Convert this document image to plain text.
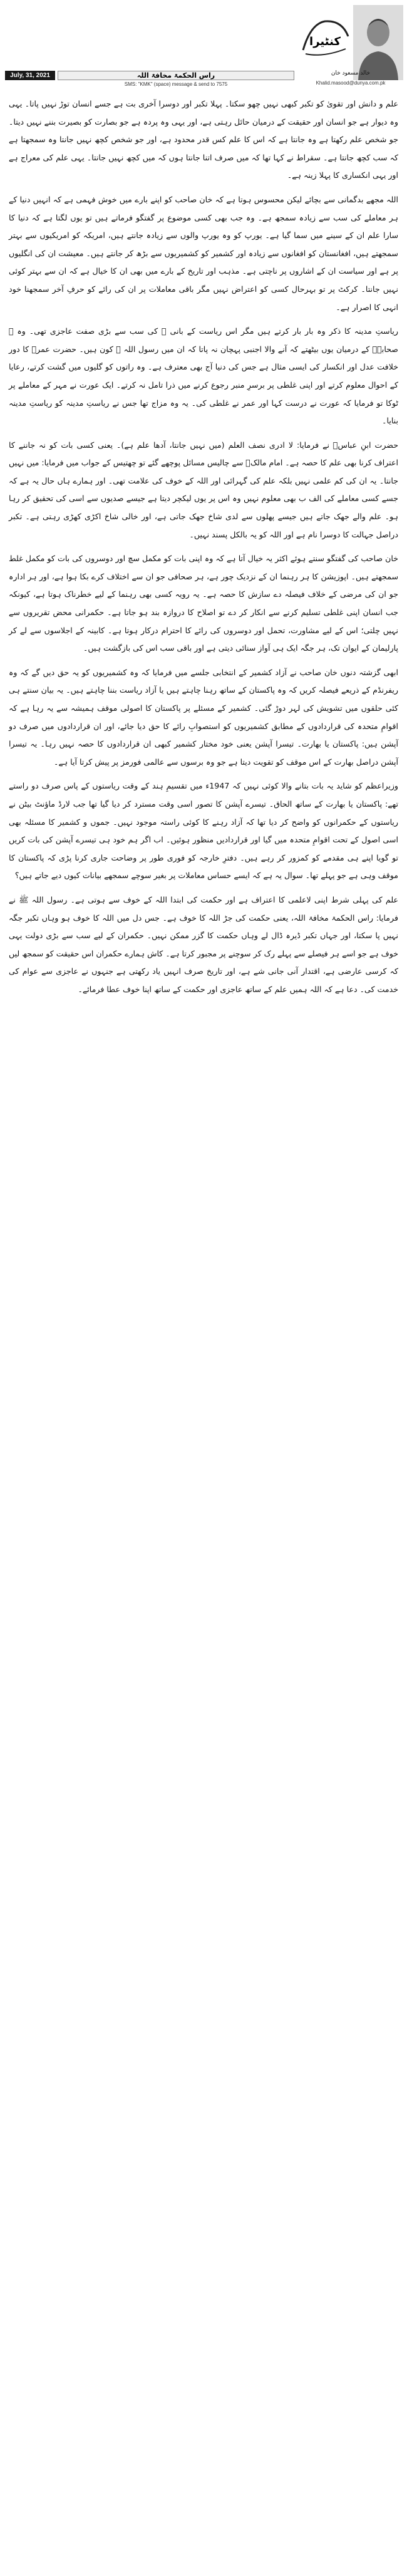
July, 31, 2021	راس الحکمۃ مخافۃ اللہ
کنٹیرا
خالد مسعود خان
Khalid.masood@dunya.com.pk
SMS: "KMK" (space) message & send to 7575

علم و دانش اور تقویٰ کو تکبر کبھی نہیں چھو سکتا۔ پہلا تکبر اور دوسرا آخری بت ہے جسے انسان توڑ نہیں پاتا۔ یہی وہ دیوار ہے جو انسان اور حقیقت کے درمیان حائل رہتی ہے، اور یہی وہ پردہ ہے جو بصارت کو بصیرت بننے نہیں دیتا۔ جو شخص علم رکھتا ہے وہ جانتا ہے کہ اس کا علم کس قدر محدود ہے، اور جو شخص کچھ نہیں جانتا وہ سمجھتا ہے کہ سب کچھ جانتا ہے۔ سقراط نے کہا تھا کہ میں صرف اتنا جانتا ہوں کہ میں کچھ نہیں جانتا۔ یہی علم کی معراج ہے اور یہی انکساری کا پہلا زینہ ہے۔

اللہ مجھے بدگمانی سے بچائے لیکن محسوس ہوتا ہے کہ خان صاحب کو اپنے بارے میں خوش فہمی ہے کہ انہیں دنیا کے ہر معاملے کی سب سے زیادہ سمجھ ہے۔ وہ جب بھی کسی موضوع پر گفتگو فرماتے ہیں تو یوں لگتا ہے کہ دنیا کا سارا علم ان کے سینے میں سما گیا ہے۔ یورپ کو وہ یورپ والوں سے زیادہ جانتے ہیں، امریکہ کو امریکیوں سے بہتر سمجھتے ہیں، افغانستان کو افغانوں سے زیادہ اور کشمیر کو کشمیریوں سے بڑھ کر جانتے ہیں۔ معیشت ان کی انگلیوں پر ہے اور سیاست ان کے اشاروں پر ناچتی ہے۔ مذہب اور تاریخ کے بارے میں بھی ان کا خیال ہے کہ ان سے بہتر کوئی نہیں جانتا۔ کرکٹ پر تو بہرحال کسی کو اعتراض نہیں مگر باقی معاملات پر ان کی رائے کو حرفِ آخر سمجھنا خود انہی کا اصرار ہے۔

ریاستِ مدینہ کا ذکر وہ بار بار کرتے ہیں مگر اس ریاست کے بانی ﷺ کی سب سے بڑی صفت عاجزی تھی۔ وہ ﷺ صحابہؓ کے درمیان یوں بیٹھتے کہ آنے والا اجنبی پہچان نہ پاتا کہ ان میں رسول اللہ ﷺ کون ہیں۔ حضرت عمرؓ کا دور خلافت عدل اور انکسار کی ایسی مثال ہے جس کی دنیا آج بھی معترف ہے۔ وہ راتوں کو گلیوں میں گشت کرتے، رعایا کے احوال معلوم کرتے اور اپنی غلطی پر برسرِ منبر رجوع کرنے میں ذرا تامل نہ کرتے۔ ایک عورت نے مہر کے معاملے پر ٹوکا تو فرمایا کہ عورت نے درست کہا اور عمر نے غلطی کی۔ یہ وہ مزاج تھا جس نے ریاستِ مدینہ کو ریاستِ مدینہ بنایا۔

حضرت ابنِ عباسؓ نے فرمایا: لا ادری نصف العلم (میں نہیں جانتا، آدھا علم ہے)۔ یعنی کسی بات کو نہ جاننے کا اعتراف کرنا بھی علم کا حصہ ہے۔ امام مالکؒ سے چالیس مسائل پوچھے گئے تو چھتیس کے جواب میں فرمایا: میں نہیں جانتا۔ یہ ان کی کم علمی نہیں بلکہ علم کی گہرائی اور اللہ کے خوف کی علامت تھی۔ اور ہمارے ہاں حال یہ ہے کہ جسے کسی معاملے کی الف ب بھی معلوم نہیں وہ اس پر یوں لیکچر دیتا ہے جیسے صدیوں سے اسی کی تحقیق کر رہا ہو۔ علم والے جھک جاتے ہیں جیسے پھلوں سے لدی شاخ جھک جاتی ہے، اور خالی شاخ اکڑی کھڑی رہتی ہے۔ تکبر دراصل جہالت کا دوسرا نام ہے اور اللہ کو یہ بالکل پسند نہیں۔

خان صاحب کی گفتگو سنتے ہوئے اکثر یہ خیال آتا ہے کہ وہ اپنی بات کو مکمل سچ اور دوسروں کی بات کو مکمل غلط سمجھتے ہیں۔ اپوزیشن کا ہر رہنما ان کے نزدیک چور ہے، ہر صحافی جو ان سے اختلاف کرے بکا ہوا ہے، اور ہر ادارہ جو ان کی مرضی کے خلاف فیصلہ دے سازش کا حصہ ہے۔ یہ رویہ کسی بھی رہنما کے لیے خطرناک ہوتا ہے، کیونکہ جب انسان اپنی غلطی تسلیم کرنے سے انکار کر دے تو اصلاح کا دروازہ بند ہو جاتا ہے۔ حکمرانی محض تقریروں سے نہیں چلتی؛ اس کے لیے مشاورت، تحمل اور دوسروں کی رائے کا احترام درکار ہوتا ہے۔ کابینہ کے اجلاسوں سے لے کر پارلیمان کے ایوان تک، ہر جگہ ایک ہی آواز سنائی دیتی ہے اور باقی سب اس کی بازگشت ہیں۔

ابھی گزشتہ دنوں خان صاحب نے آزاد کشمیر کے انتخابی جلسے میں فرمایا کہ وہ کشمیریوں کو یہ حق دیں گے کہ وہ ریفرنڈم کے ذریعے فیصلہ کریں کہ وہ پاکستان کے ساتھ رہنا چاہتے ہیں یا آزاد ریاست بننا چاہتے ہیں۔ یہ بیان سنتے ہی کئی حلقوں میں تشویش کی لہر دوڑ گئی۔ کشمیر کے مسئلے پر پاکستان کا اصولی موقف ہمیشہ سے یہ رہا ہے کہ اقوامِ متحدہ کی قراردادوں کے مطابق کشمیریوں کو استصوابِ رائے کا حق دیا جائے، اور ان قراردادوں میں صرف دو آپشن ہیں: پاکستان یا بھارت۔ تیسرا آپشن یعنی خود مختار کشمیر کبھی ان قراردادوں کا حصہ نہیں رہا۔ یہ تیسرا آپشن دراصل بھارت کے اس موقف کو تقویت دیتا ہے جو وہ برسوں سے عالمی فورمز پر پیش کرتا آیا ہے۔

وزیراعظم کو شاید یہ بات بتانے والا کوئی نہیں کہ 1947ء میں تقسیمِ ہند کے وقت ریاستوں کے پاس صرف دو راستے تھے: پاکستان یا بھارت کے ساتھ الحاق۔ تیسرے آپشن کا تصور اسی وقت مسترد کر دیا گیا تھا جب لارڈ ماؤنٹ بیٹن نے ریاستوں کے حکمرانوں کو واضح کر دیا تھا کہ آزاد رہنے کا کوئی راستہ موجود نہیں۔ جموں و کشمیر کا مسئلہ بھی اسی اصول کے تحت اقوامِ متحدہ میں گیا اور قراردادیں منظور ہوئیں۔ اب اگر ہم خود ہی تیسرے آپشن کی بات کریں تو گویا اپنے ہی مقدمے کو کمزور کر رہے ہیں۔ دفترِ خارجہ کو فوری طور پر وضاحت جاری کرنا پڑی کہ پاکستان کا موقف وہی ہے جو پہلے تھا۔ سوال یہ ہے کہ ایسے حساس معاملات پر بغیر سوچے سمجھے بیانات کیوں دیے جاتے ہیں؟

علم کی پہلی شرط اپنی لاعلمی کا اعتراف ہے اور حکمت کی ابتدا اللہ کے خوف سے ہوتی ہے۔ رسول اللہ ﷺ نے فرمایا: راس الحکمۃ مخافۃ اللہ، یعنی حکمت کی جڑ اللہ کا خوف ہے۔ جس دل میں اللہ کا خوف ہو وہاں تکبر جگہ نہیں پا سکتا، اور جہاں تکبر ڈیرہ ڈال لے وہاں حکمت کا گزر ممکن نہیں۔ حکمران کے لیے سب سے بڑی دولت یہی خوف ہے جو اسے ہر فیصلے سے پہلے رک کر سوچنے پر مجبور کرتا ہے۔ کاش ہمارے حکمران اس حقیقت کو سمجھ لیں کہ کرسی عارضی ہے، اقتدار آنی جانی شے ہے، اور تاریخ صرف انہیں یاد رکھتی ہے جنہوں نے عاجزی سے عوام کی خدمت کی۔ دعا ہے کہ اللہ ہمیں علم کے ساتھ عاجزی اور حکمت کے ساتھ اپنا خوف عطا فرمائے۔
